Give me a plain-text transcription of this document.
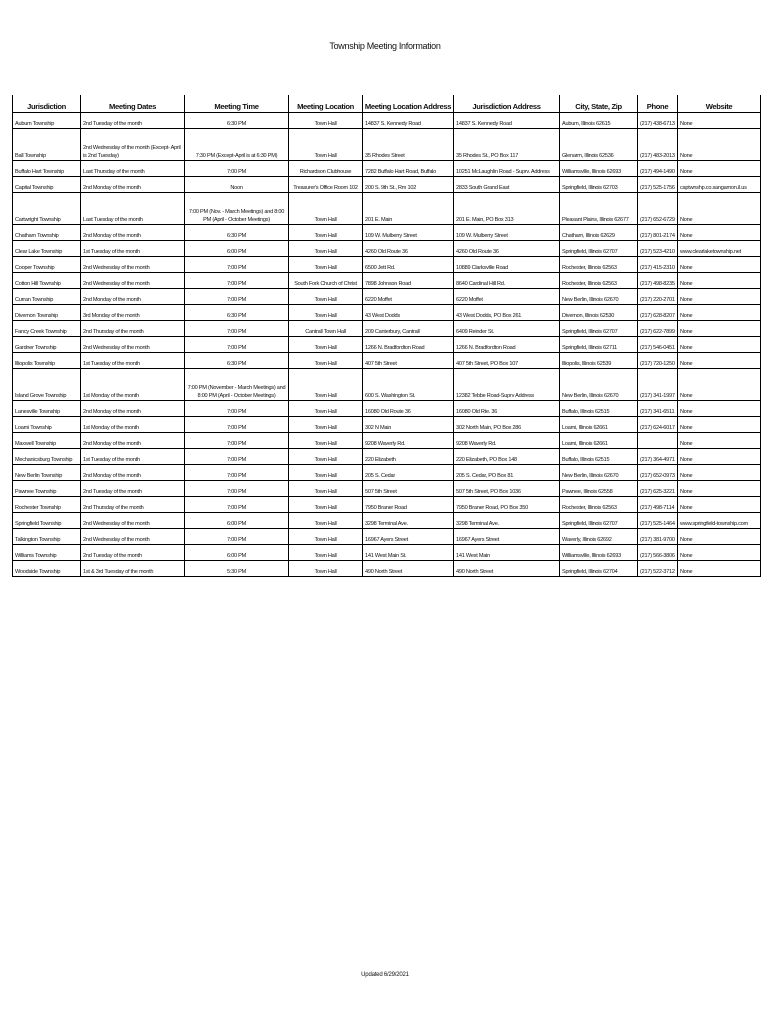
Township Meeting Information
Jurisdiction	Meeting Dates	Meeting Time	Meeting Location	Meeting Location Address	Jurisdiction Address	City, State, Zip	Phone	Website
Auburn Township	2nd Tuesday of the month	6:30 PM	Town Hall	14837 S. Kennedy Road	14837 S. Kennedy Road	Auburn, Illinois 62615	(217) 438-6713	None
Ball Township	2nd Wednesday of the month (Except- April is 2nd Tuesday)	7:30 PM (Except-April is at 6:30 PM)	Town Hall	35 Rhodes Street	35 Rhodes St., PO Box 117	Glenarm, Illinois 62536	(217) 483-2013	None
Buffalo Hart Township	Last Thursday of the month	7:00 PM	Richardson Clubhouse	7282 Buffalo Hart Road, Buffalo	10251 McLaughlin Road - Suprv. Address	Williamsville, Illinois 62693	(217) 494-1490	None
Capital Township	2nd Monday of the month	Noon	Treasurer's Office Room 102	200 S. 9th St., Rm 102	2833 South Grand East	Springfield, Illinois 62703	(217) 525-1756	captwnshp.co.sangamon.il.us
Cartwright Township	Last Tuesday of the month	7:00 PM (Nov. - March Meetings) and 8:00 PM (April - October Meetings)	Town Hall	201 E. Main	201 E. Main, PO Box 313	Pleasant Plains, Illinois 62677	(217) 652-6729	None
Chatham Township	2nd Monday of the month	6:30 PM	Town Hall	109 W. Mulberry Street	109 W. Mulberry Street	Chatham, Illinois 62629	(217) 801-2174	None
Clear Lake Township	1st Tuesday of the month	6:00 PM	Town Hall	4260 Old Route 36	4260 Old Route 36	Springfield, Illinois 62707	(217) 523-4210	www.clearlaketownship.net
Cooper Township	2nd Wednesday of the month	7:00 PM	Town Hall	6500 Jett Rd.	10889 Clarksville Road	Rochester, Illinois 62563	(217) 415-2310	None
Cotton Hill Township	2nd Wednesday of the month	7:00 PM	South Fork Church of Christ	7898 Johnson Road	8640 Cardinal Hill Rd.	Rochester, Illinois 62563	(217) 498-8235	None
Curran Township	2nd Monday of the month	7:00 PM	Town Hall	6220 Moffet	6220 Moffet	New Berlin, Illinois 62670	(217) 220-2701	None
Divernon Township	3rd Monday of the month	6:30 PM	Town Hall	43 West Dodds	43 West Dodds, PO Box 261	Divernon, Illinois 62530	(217) 628-8207	None
Fancy Creek Township	2nd Thursday of the month	7:00 PM	Cantrall Town Hall	209 Canterbury, Cantrall	6409 Reinder St.	Springfield, Illinois 62707	(217) 622-7899	None
Gardner Township	2nd Wednesday of the month	7:00 PM	Town Hall	1266 N. Bradfordton Road	1266 N. Bradfordton Road	Springfield, Illinois 62711	(217) 546-0451	None
Illiopolis Township	1st Tuesday of the month	6:30 PM	Town Hall	407 5th Street	407 5th Street, PO Box 107	Illiopolis, Illinois 62539	(217) 720-1250	None
Island Grove Township	1st Monday of the month	7:00 PM (November - March Meetings) and 8:00 PM (April - October Meetings)	Town Hall	600 S. Washington St.	12382 Tebbe Road-Suprv Address	New Berlin, Illinois 62670	(217) 341-1997	None
Lanesville Township	2nd Monday of the month	7:00 PM	Town Hall	16080 Old Route 36	16080 Old Rte. 36	Buffalo, Illinois 62515	(217) 341-6511	None
Loami Township	1st Monday of the month	7:00 PM	Town Hall	302 N Main	302 North Main, PO Box 286	Loami, Illinois 62661	(217) 624-6017	None
Maxwell Township	2nd Monday of the month	7:00 PM	Town Hall	9208 Waverly Rd.	9208 Waverly Rd.	Loami, Illinois 62661		None
Mechanicsburg Township	1st Tuesday of the month	7:00 PM	Town Hall	220 Elizabeth	220 Elizabeth, PO Box 148	Buffalo, Illinois 62515	(217) 364-4971	None
New Berlin Township	2nd Monday of the month	7:00 PM	Town Hall	205 S. Cedar	205 S. Cedar, PO Box 81	New Berlin, Illinois 62670	(217) 652-0973	None
Pawnee Township	2nd Tuesday of the month	7:00 PM	Town Hall	507 5th Street	507 5th Street, PO Box 1036	Pawnee, Illinois 62558	(217) 625-3221	None
Rochester Township	2nd Thursday of the month	7:00 PM	Town Hall	7950 Braner Road	7950 Braner Road, PO Box 350	Rochester, Illinois 62563	(217) 498-7114	None
Springfield Township	2nd Wednesday of the month	6:00 PM	Town Hall	3298 Terminal Ave.	3298 Terminal Ave.	Springfield, Illinois 62707	(217) 525-1464	www.springfield-township.com
Talkington Township	2nd Wednesday of the month	7:00 PM	Town Hall	16967 Ayers Street	16967 Ayers Street	Waverly, Illinois 62692	(217) 381-9700	None
Williams Township	2nd Tuesday of the month	6:00 PM	Town Hall	141 West Main St.	141 West Main	Williamsville, Illinois 62693	(217) 566-3806	None
Woodside Township	1st & 3rd Tuesday of the month	5:30 PM	Town Hall	490 North Street	490 North Street	Springfield, Illinois 62704	(217) 522-3712	None
Updated 6/29/2021
